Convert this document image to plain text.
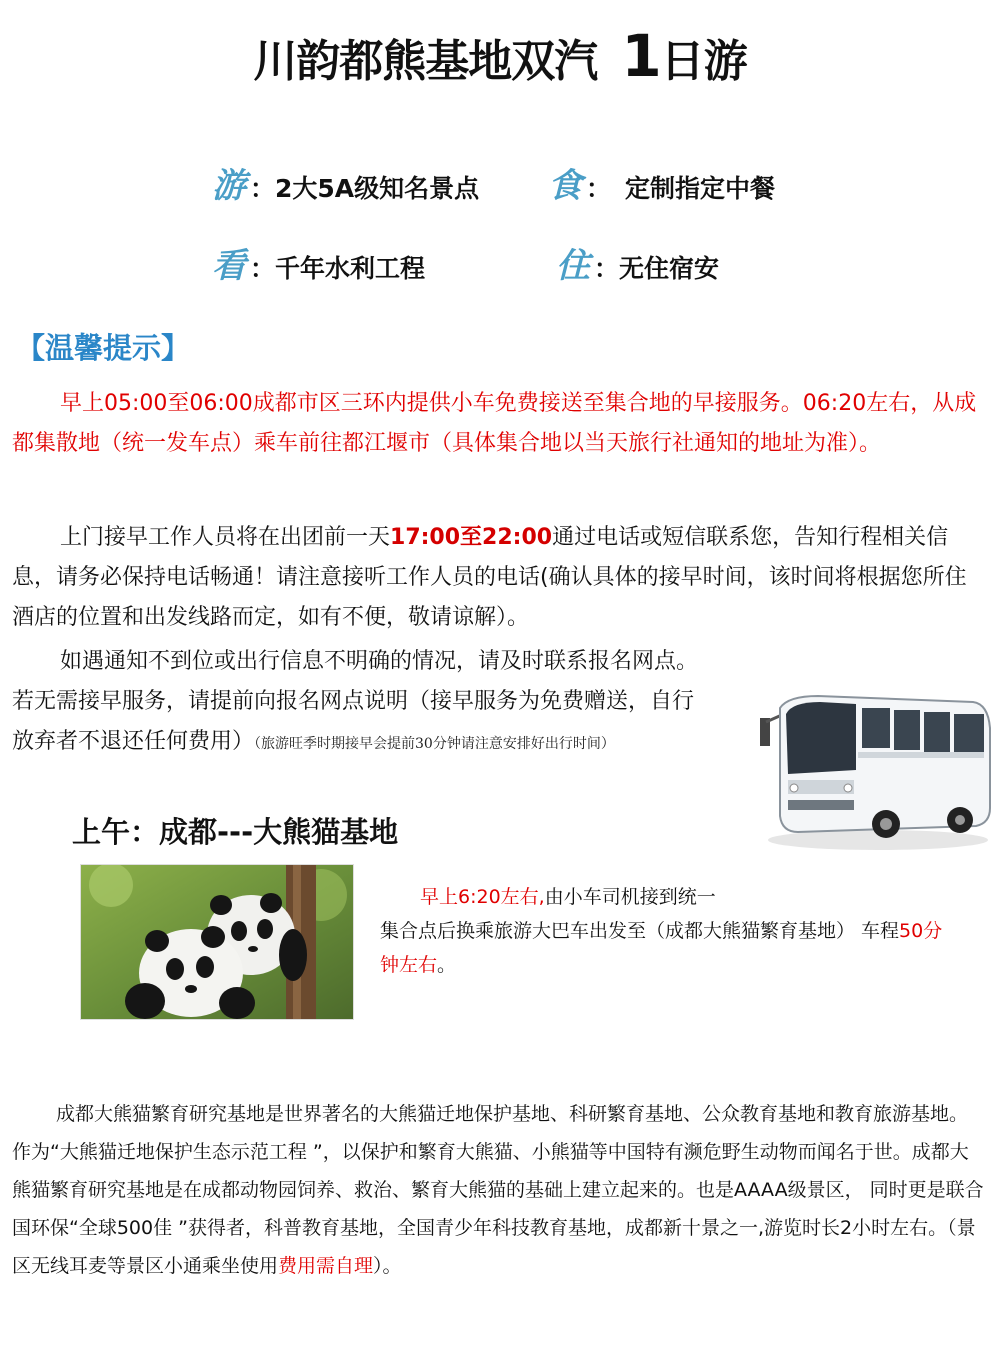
川韵都熊基地双汽 1日游
游 ：2大5A级知名景点 食 ： 定制指定中餐
看 ：千年水利工程	住 ：无住宿安
【温馨提示】
早上05:00至06:00成都市区三环内提供小车免费接送至集合地的早接服务。06:20左右，从成都集散地（统一发车点）乘车前往都江堰市（具体集合地以当天旅行社通知的地址为准）。
上门接早工作人员将在出团前一天17:00至22:00通过电话或短信联系您，告知行程相关信息，请务必保持电话畅通！请注意接听工作人员的电话(确认具体的接早时间，该时间将根据您所住酒店的位置和出发线路而定，如有不便，敬请谅解）。
如遇通知不到位或出行信息不明确的情况，请及时联系报名网点。
若无需接早服务，请提前向报名网点说明（接早服务为免费赠送，自行
放弃者不退还任何费用）（旅游旺季时期接早会提前30分钟请注意安排好出行时间）
上午：成都---大熊猫基地
早上6:20左右,由小车司机接到统一
集合点后换乘旅游大巴车出发至（成都大熊猫繁育基地） 车程50分
钟左右。
成都大熊猫繁育研究基地是世界著名的大熊猫迁地保护基地、科研繁育基地、公众教育基地和教育旅游基地。作为“大熊猫迁地保护生态示范工程 ”，以保护和繁育大熊猫、小熊猫等中国特有濒危野生动物而闻名于世。成都大熊猫繁育研究基地是在成都动物园饲养、救治、繁育大熊猫的基础上建立起来的。也是AAAA级景区， 同时更是联合国环保“全球500佳 ”获得者，科普教育基地，全国青少年科技教育基地，成都新十景之一,游览时长2小时左右。（景区无线耳麦等景区小通乘坐使用费用需自理）。
